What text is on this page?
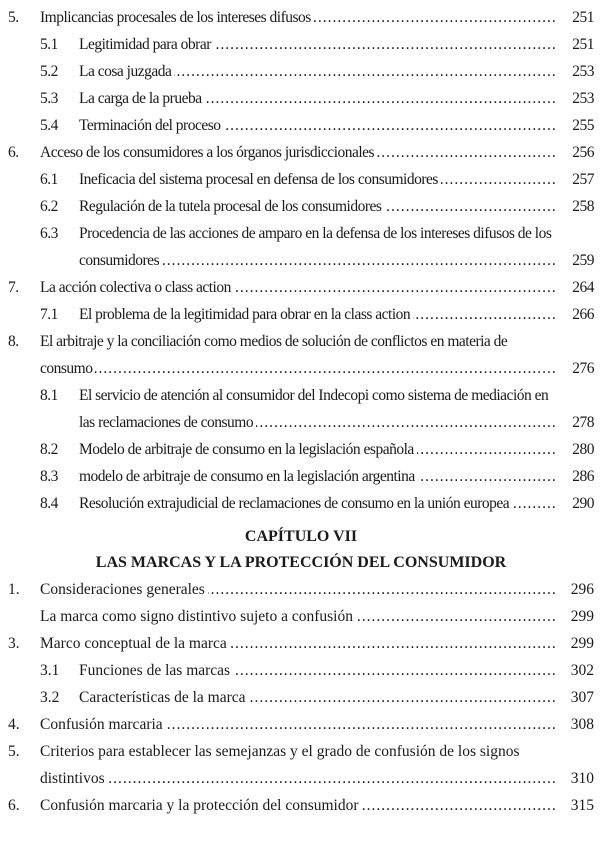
5.	Implicancias procesales de los intereses difusos .....	251
5.1	Legitimidad para obrar .....	251
5.2	La cosa juzgada .....	253
5.3	La carga de la prueba .....	253
5.4	Terminación del proceso .....	255
6.	Acceso de los consumidores a los órganos jurisdiccionales .....	256
6.1	Ineficacia del sistema procesal en defensa de los consumidores .....	257
6.2	Regulación de la tutela procesal de los consumidores .....	258
6.3	Procedencia de las acciones de amparo en la defensa de los intereses difusos de los consumidores .....	259
7.	La acción colectiva o class action .....	264
7.1	El problema de la legitimidad para obrar en la class action .....	266
8.	El arbitraje y la conciliación como medios de solución de conflictos en materia de consumo .....	276
8.1	El servicio de atención al consumidor del Indecopi como sistema de mediación en las reclamaciones de consumo .....	278
8.2	Modelo de arbitraje de consumo en la legislación española .....	280
8.3	modelo de arbitraje de consumo en la legislación argentina .....	286
8.4	Resolución extrajudicial de reclamaciones de consumo en la unión europea .....	290
CAPÍTULO VII
LAS MARCAS Y LA PROTECCIÓN DEL CONSUMIDOR
1.	Consideraciones generales .....	296
La marca como signo distintivo sujeto a confusión .....	299
3.	Marco conceptual de la marca .....	299
3.1	Funciones de las marcas .....	302
3.2	Características de la marca .....	307
4.	Confusión marcaria .....	308
5.	Criterios para establecer las semejanzas y el grado de confusión de los signos distintivos .....	310
6.	Confusión marcaria y la protección del consumidor .....	315
